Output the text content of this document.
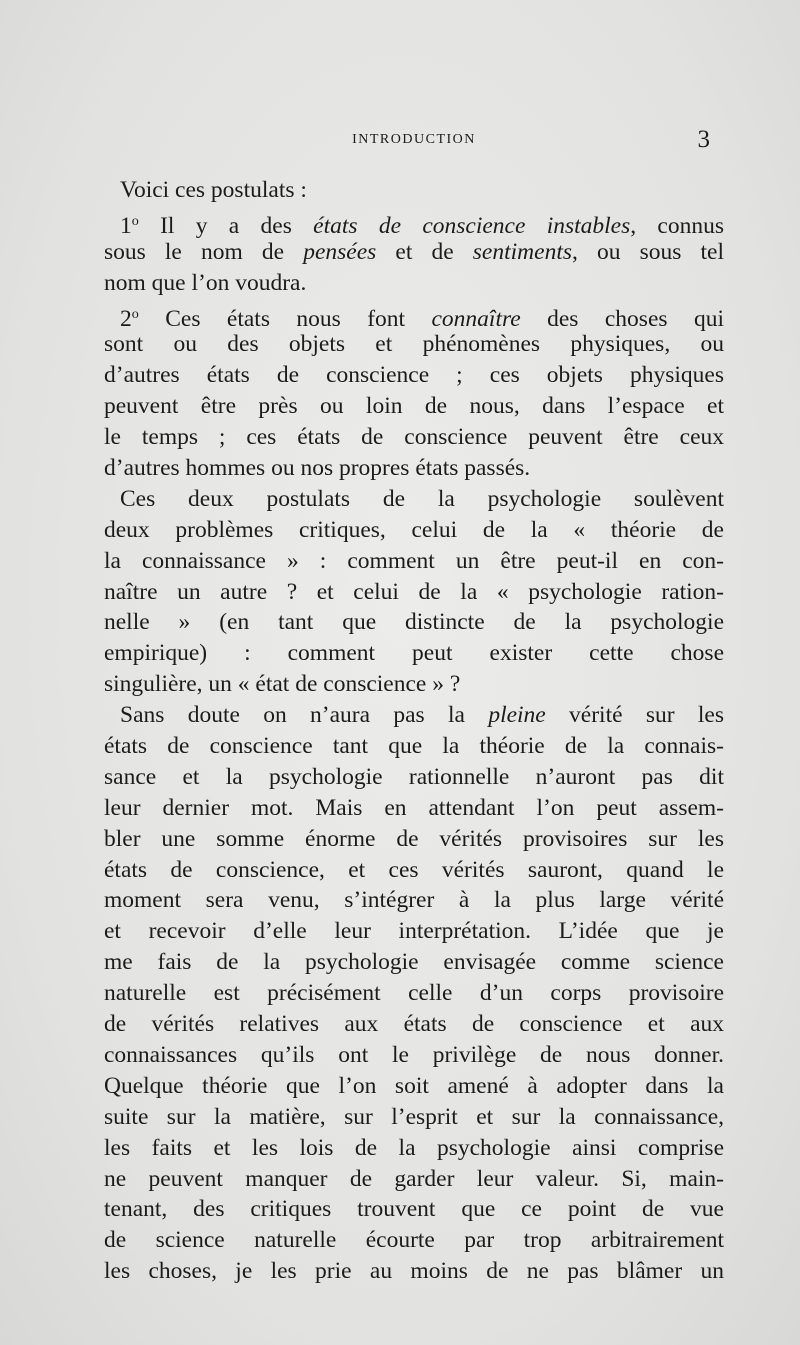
INTRODUCTION	3
Voici ces postulats :
1$^o$ Il y a des états de conscience instables, connus
sous le nom de pensées et de sentiments, ou sous tel
nom que l’on voudra.
2$^o$ Ces états nous font connaître des choses qui
sont ou des objets et phénomènes physiques, ou
d’autres états de conscience ; ces objets physiques
peuvent être près ou loin de nous, dans l’espace et
le temps ; ces états de conscience peuvent être ceux
d’autres hommes ou nos propres états passés.
Ces deux postulats de la psychologie soulèvent
deux problèmes critiques, celui de la « théorie de
la connaissance » : comment un être peut-il en con-
naître un autre ? et celui de la « psychologie ration-
nelle » (en tant que distincte de la psychologie
empirique) : comment peut exister cette chose
singulière, un « état de conscience » ?
Sans doute on n’aura pas la pleine vérité sur les
états de conscience tant que la théorie de la connais-
sance et la psychologie rationnelle n’auront pas dit
leur dernier mot. Mais en attendant l’on peut assem-
bler une somme énorme de vérités provisoires sur les
états de conscience, et ces vérités sauront, quand le
moment sera venu, s’intégrer à la plus large vérité
et recevoir d’elle leur interprétation. L’idée que je
me fais de la psychologie envisagée comme science
naturelle est précisément celle d’un corps provisoire
de vérités relatives aux états de conscience et aux
connaissances qu’ils ont le privilège de nous donner.
Quelque théorie que l’on soit amené à adopter dans la
suite sur la matière, sur l’esprit et sur la connaissance,
les faits et les lois de la psychologie ainsi comprise
ne peuvent manquer de garder leur valeur. Si, main-
tenant, des critiques trouvent que ce point de vue
de science naturelle écourte par trop arbitrairement
les choses, je les prie au moins de ne pas blâmer un
